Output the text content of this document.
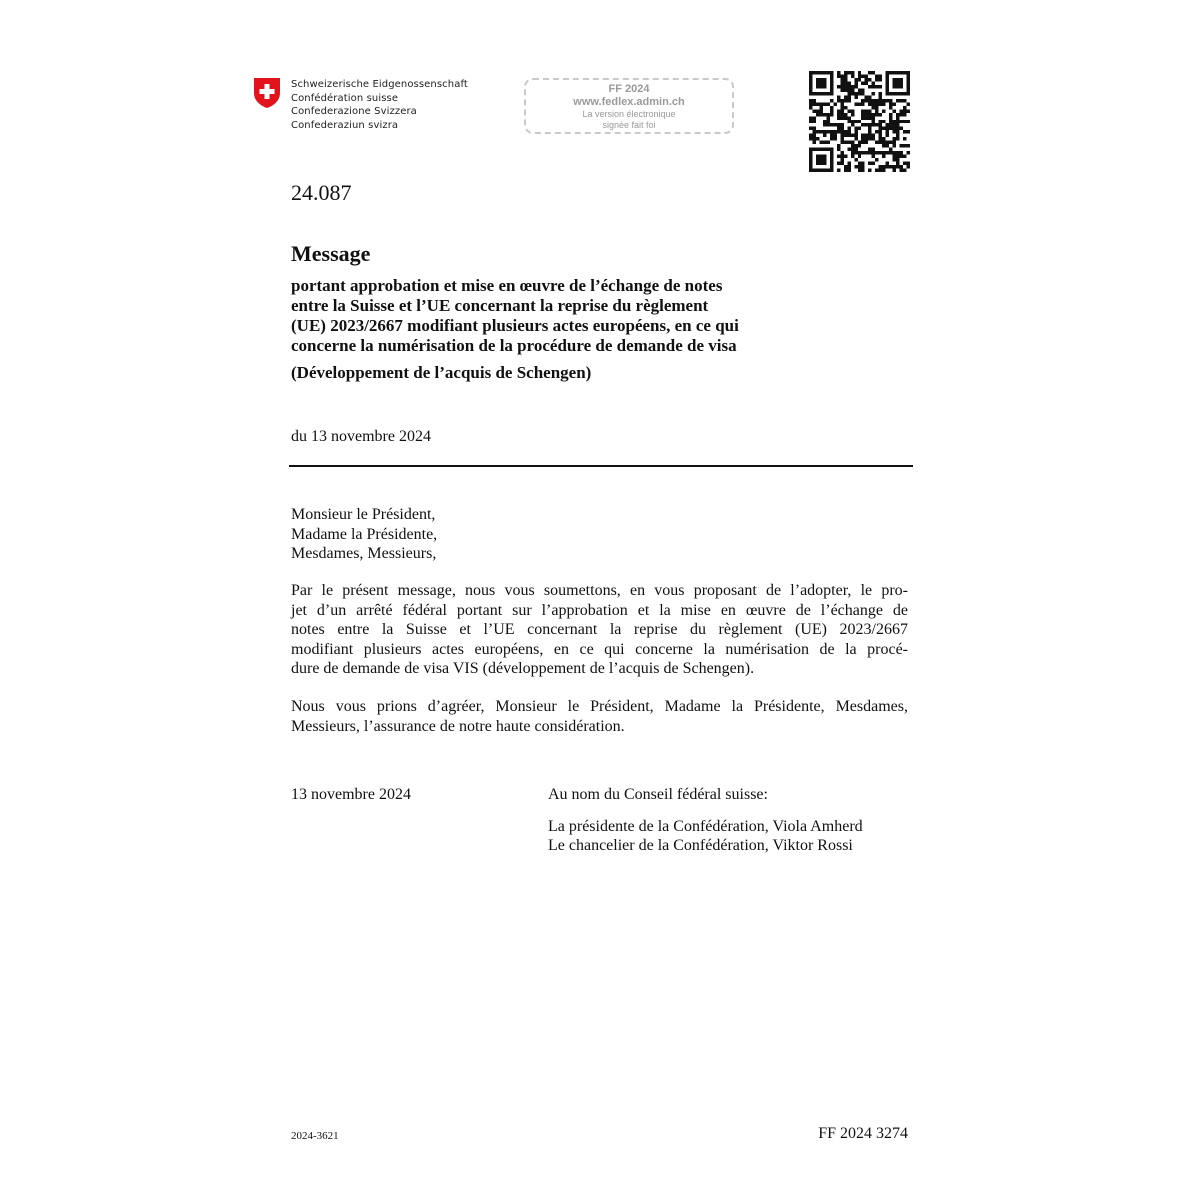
Schweizerische Eidgenossenschaft
Confédération suisse
Confederazione Svizzera
Confederaziun svizra
FF 2024
www.fedlex.admin.ch
La version électronique
signée fait foi
24.087
Message
portant approbation et mise en œuvre de l’échange de notes
entre la Suisse et l’UE concernant la reprise du règlement
(UE) 2023/2667 modifiant plusieurs actes européens, en ce qui
concerne la numérisation de la procédure de demande de visa
(Développement de l’acquis de Schengen)
du 13 novembre 2024
Monsieur le Président,
Madame la Présidente,
Mesdames, Messieurs,
Par le présent message, nous vous soumettons, en vous proposant de l’adopter, le pro-
jet d’un arrêté fédéral portant sur l’approbation et la mise en œuvre de l’échange de
notes entre la Suisse et l’UE concernant la reprise du règlement (UE) 2023/2667
modifiant plusieurs actes européens, en ce qui concerne la numérisation de la procé-
dure de demande de visa VIS (développement de l’acquis de Schengen).
Nous vous prions d’agréer, Monsieur le Président, Madame la Présidente, Mesdames,
Messieurs, l’assurance de notre haute considération.
13 novembre 2024	Au nom du Conseil fédéral suisse:
La présidente de la Confédération, Viola Amherd
Le chancelier de la Confédération, Viktor Rossi
2024-3621	FF 2024 3274
